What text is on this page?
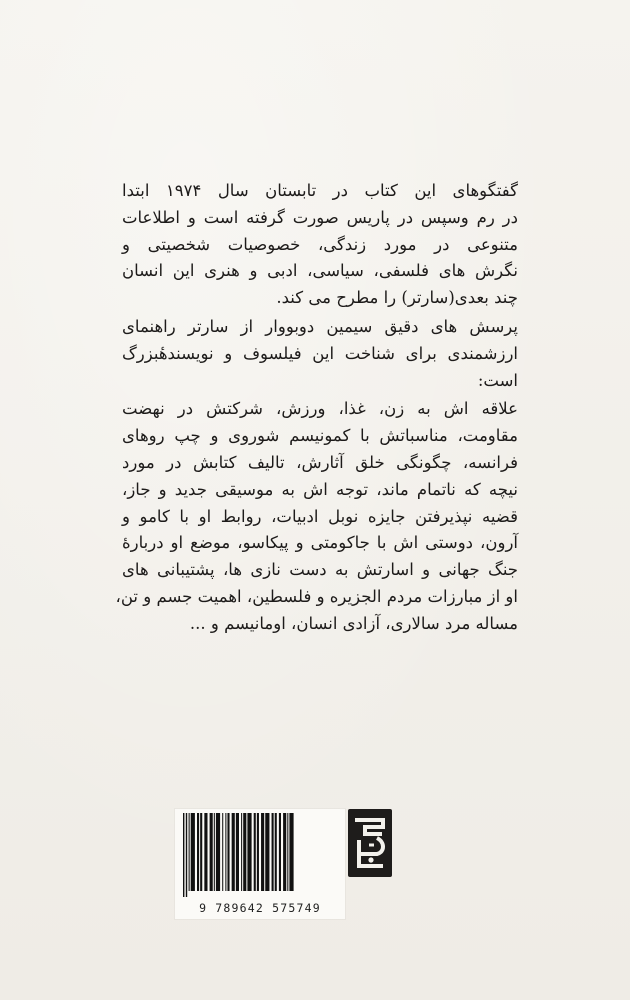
گفتگوهای این کتاب در تابستان سال ۱۹۷۴ ابتدا
در رم وسپس در پاریس صورت گرفته است و اطلاعات
متنوعی در مورد زندگی، خصوصیات شخصیتی و
نگرش های فلسفی، سیاسی، ادبی و هنری این انسان
چند بعدی(سارتر) را مطرح می کند.
پرسش های دقیق سیمین دوبووار از سارتر راهنمای
ارزشمندی برای شناخت این فیلسوف و نویسندهٔبزرگ
است:
علاقه اش به زن، غذا، ورزش، شرکتش در نهضت
مقاومت، مناسباتش با کمونیسم شوروی و چپ روهای
فرانسه، چگونگی خلق آثارش، تالیف کتابش در مورد
نیچه که ناتمام ماند، توجه اش به موسیقی جدید و جاز،
قضیه نپذیرفتن جایزه نوبل ادبیات، روابط او با کامو و
آرون، دوستی اش با جاکومتی و پیکاسو، موضع او دربارهٔ
جنگ جهانی و اسارتش به دست نازی ها، پشتیبانی های
او از مبارزات مردم الجزیره و فلسطین، اهمیت جسم و تن،
مساله مرد سالاری، آزادی انسان، اومانیسم و ...
9 789642 575749
